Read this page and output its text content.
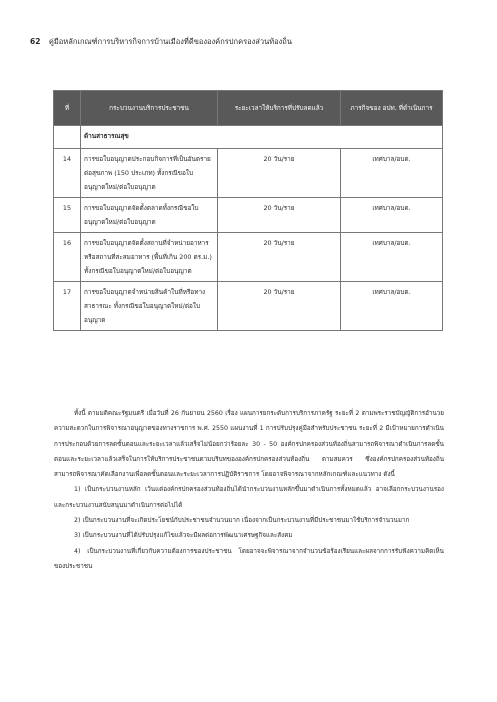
62 คู่มือหลักเกณฑ์การบริหารกิจการบ้านเมืองที่ดีขององค์กรปกครองส่วนท้องถิ่น
ที่	กระบวนงานบริการประชาชน	ระยะเวลาให้บริการที่ปรับลดแล้ว	ภารกิจของ อปท. ที่ดำเนินการ
	ด้านสาธารณสุข		
14	การขอใบอนุญาตประกอบกิจการที่เป็นอันตรายต่อสุขภาพ (150 ประเภท) ทั้งกรณีขอใบอนุญาตใหม่/ต่อใบอนุญาต	20 วัน/ราย	เทศบาล/อบต.
15	การขอใบอนุญาตจัดตั้งตลาดทั้งกรณีขอใบอนุญาตใหม่/ต่อใบอนุญาต	20 วัน/ราย	เทศบาล/อบต.
16	การขอใบอนุญาตจัดตั้งสถานที่จำหน่ายอาหารหรือสถานที่สะสมอาหาร (พื้นที่เกิน 200 ตร.ม.) ทั้งกรณีขอใบอนุญาตใหม่/ต่อใบอนุญาต	20 วัน/ราย	เทศบาล/อบต.
17	การขอใบอนุญาตจำหน่ายสินค้าในที่หรือทางสาธารณะ ทั้งกรณีขอใบอนุญาตใหม่/ต่อใบอนุญาต	20 วัน/ราย	เทศบาล/อบต.

ทั้งนี้ ตามมติคณะรัฐมนตรี เมื่อวันที่ 26 กันยายน 2560 เรื่อง แผนการยกระดับการบริการภาครัฐ ระยะที่ 2 ตามพระราชบัญญัติการอำนวยความสะดวกในการพิจารณาอนุญาตของทางราชการ พ.ศ. 2550 แผนงานที่ 1 การปรับปรุงคู่มือสำหรับประชาชน ระยะที่ 2 มีเป้าหมายการดำเนินการประกอบด้วยการลดขั้นตอนและระยะเวลาแล้วเสร็จไม่น้อยกว่าร้อยละ 30 - 50 องค์กรปกครองส่วนท้องถิ่นสามารถพิจารณาดำเนินการลดขั้นตอนและระยะเวลาแล้วเสร็จในการให้บริการประชาชนตามบริบทขององค์กรปกครองส่วนท้องถิ่น ตามสมควร ซึ่งองค์กรปกครองส่วนท้องถิ่นสามารถพิจารณาคัดเลือกงานเพื่อลดขั้นตอนและระยะเวลาการปฏิบัติราชการ โดยอาจพิจารณาจากหลักเกณฑ์และแนวทาง ดังนี้

1) เป็นกระบวนงานหลัก เว้นแต่องค์กรปกครองส่วนท้องถิ่นได้นำกระบวนงานหลักขึ้นมาดำเนินการทั้งหมดแล้ว อาจเลือกกระบวนงานรองและกระบวนงานสนับสนุนมาดำเนินการต่อไปได้

2) เป็นกระบวนงานที่จะเกิดประโยชน์กับประชาชนจำนวนมาก เนื่องจากเป็นกระบวนงานที่มีประชาชนมาใช้บริการจำนวนมาก

3) เป็นกระบวนงานที่ได้ปรับปรุงแก้ไขแล้วจะมีผลต่อการพัฒนาเศรษฐกิจและสังคม

4) เป็นกระบวนงานที่เกี่ยวกับความต้องการของประชาชน โดยอาจจะพิจารณาจากจำนวนข้อร้องเรียนและผลจากการรับฟังความคิดเห็นของประชาชน
